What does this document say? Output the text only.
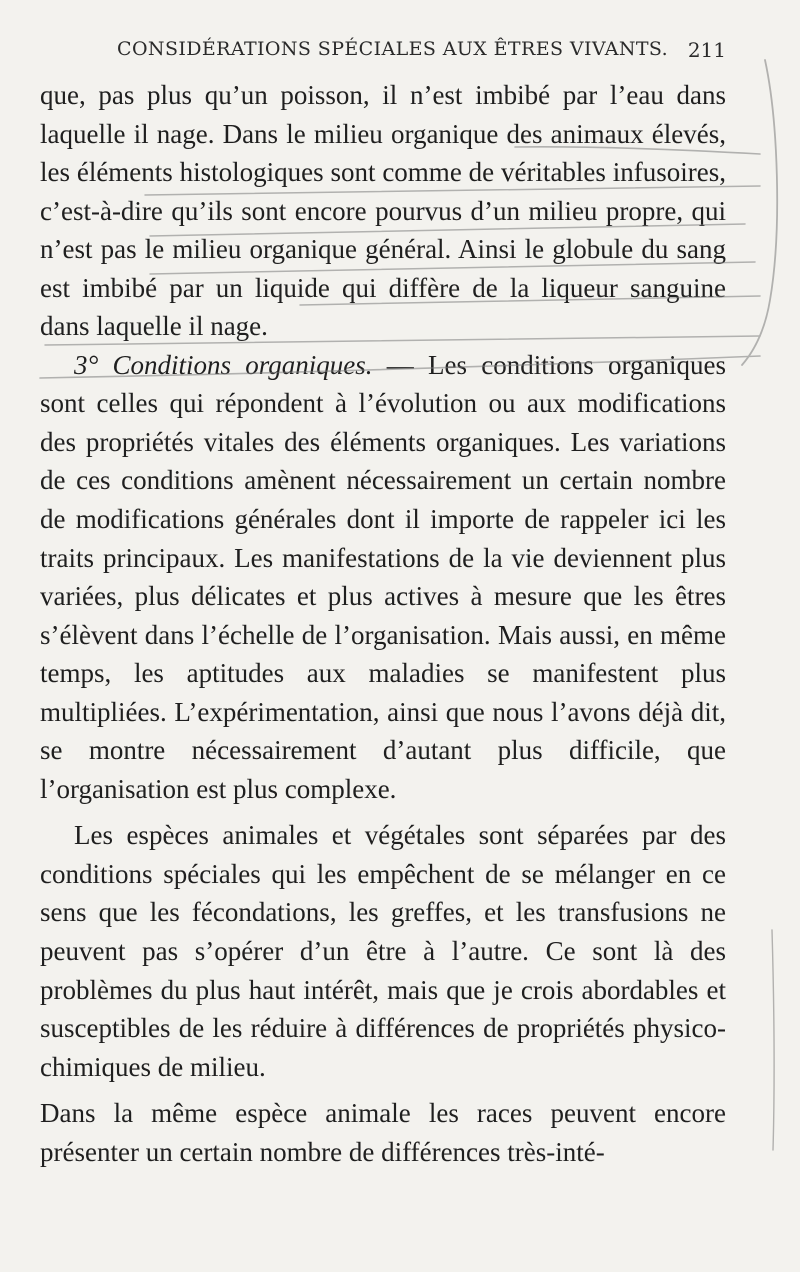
CONSIDÉRATIONS SPÉCIALES AUX ÊTRES VIVANTS. 211

que, pas plus qu’un poisson, il n’est imbibé par l’eau dans laquelle il nage. Dans le milieu organique des animaux élevés, les éléments histologiques sont comme de véritables infusoires, c’est-à-dire qu’ils sont encore pourvus d’un milieu propre, qui n’est pas le milieu organique général. Ainsi le globule du sang est imbibé par un liquide qui diffère de la liqueur sanguine dans laquelle il nage.

3° Conditions organiques. — Les conditions organiques sont celles qui répondent à l’évolution ou aux modifications des propriétés vitales des éléments organiques. Les variations de ces conditions amènent nécessairement un certain nombre de modifications générales dont il importe de rappeler ici les traits principaux. Les manifestations de la vie deviennent plus variées, plus délicates et plus actives à mesure que les êtres s’élèvent dans l’échelle de l’organisation. Mais aussi, en même temps, les aptitudes aux maladies se manifestent plus multipliées. L’expérimentation, ainsi que nous l’avons déjà dit, se montre nécessairement d’autant plus difficile, que l’organisation est plus complexe.

Les espèces animales et végétales sont séparées par des conditions spéciales qui les empêchent de se mélanger en ce sens que les fécondations, les greffes, et les transfusions ne peuvent pas s’opérer d’un être à l’autre. Ce sont là des problèmes du plus haut intérêt, mais que je crois abordables et susceptibles de les réduire à différences de propriétés physico-chimiques de milieu.

Dans la même espèce animale les races peuvent encore présenter un certain nombre de différences très-inté-
